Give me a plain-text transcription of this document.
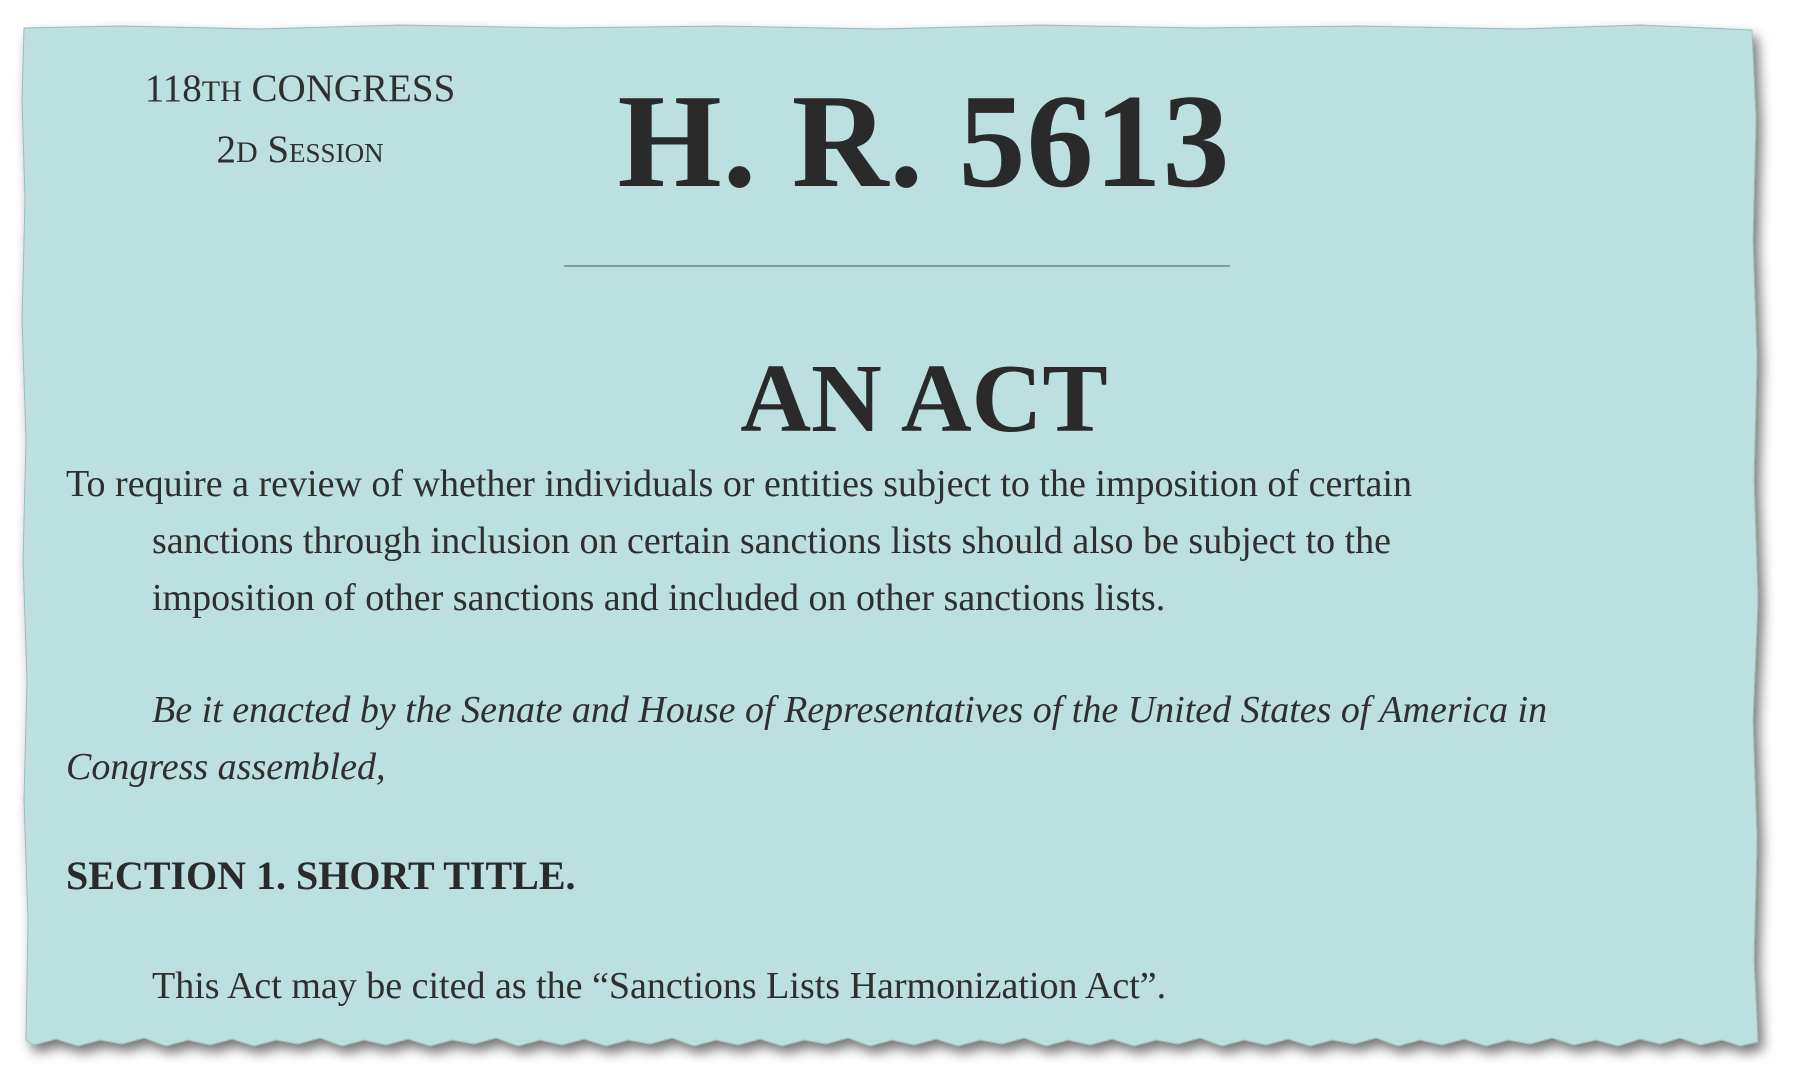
118TH CONGRESS
2D Session	H. R. 5613
AN ACT
To require a review of whether individuals or entities subject to the imposition of certain
sanctions through inclusion on certain sanctions lists should also be subject to the
imposition of other sanctions and included on other sanctions lists.
Be it enacted by the Senate and House of Representatives of the United States of America in
Congress assembled,
SECTION 1. SHORT TITLE.
This Act may be cited as the “Sanctions Lists Harmonization Act”.
